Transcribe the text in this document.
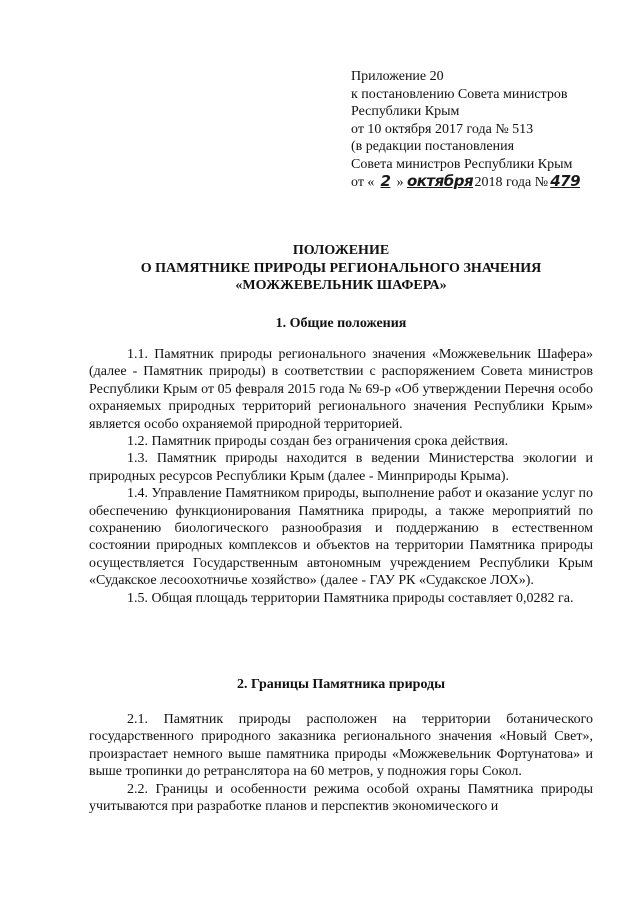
Приложение 20
к постановлению Совета министров
Республики Крым
от 10 октября 2017 года № 513
(в редакции постановления
Совета министров Республики Крым
от « 2 » октября 2018 года № 479
ПОЛОЖЕНИЕ
О ПАМЯТНИКЕ ПРИРОДЫ РЕГИОНАЛЬНОГО ЗНАЧЕНИЯ
«МОЖЖЕВЕЛЬНИК ШАФЕРА»
1. Общие положения

1.1. Памятник природы регионального значения «Можжевельник Шафера» (далее - Памятник природы) в соответствии с распоряжением Совета министров Республики Крым от 05 февраля 2015 года № 69-р «Об утверждении Перечня особо охраняемых природных территорий регионального значения Республики Крым» является особо охраняемой природной территорией.

1.2. Памятник природы создан без ограничения срока действия.

1.3. Памятник природы находится в ведении Министерства экологии и природных ресурсов Республики Крым (далее - Минприроды Крыма).

1.4. Управление Памятником природы, выполнение работ и оказание услуг по обеспечению функционирования Памятника природы, а также мероприятий по сохранению биологического разнообразия и поддержанию в естественном состоянии природных комплексов и объектов на территории Памятника природы осуществляется Государственным автономным учреждением Республики Крым «Судакское лесоохотничье хозяйство» (далее - ГАУ РК «Судакское ЛОХ»).

1.5. Общая площадь территории Памятника природы составляет 0,0282 га.

2. Границы Памятника природы

2.1. Памятник природы расположен на территории ботанического государственного природного заказника регионального значения «Новый Свет», произрастает немного выше памятника природы «Можжевельник Фортунатова» и выше тропинки до ретранслятора на 60 метров, у подножия горы Сокол.

2.2. Границы и особенности режима особой охраны Памятника природы учитываются при разработке планов и перспектив экономического и
